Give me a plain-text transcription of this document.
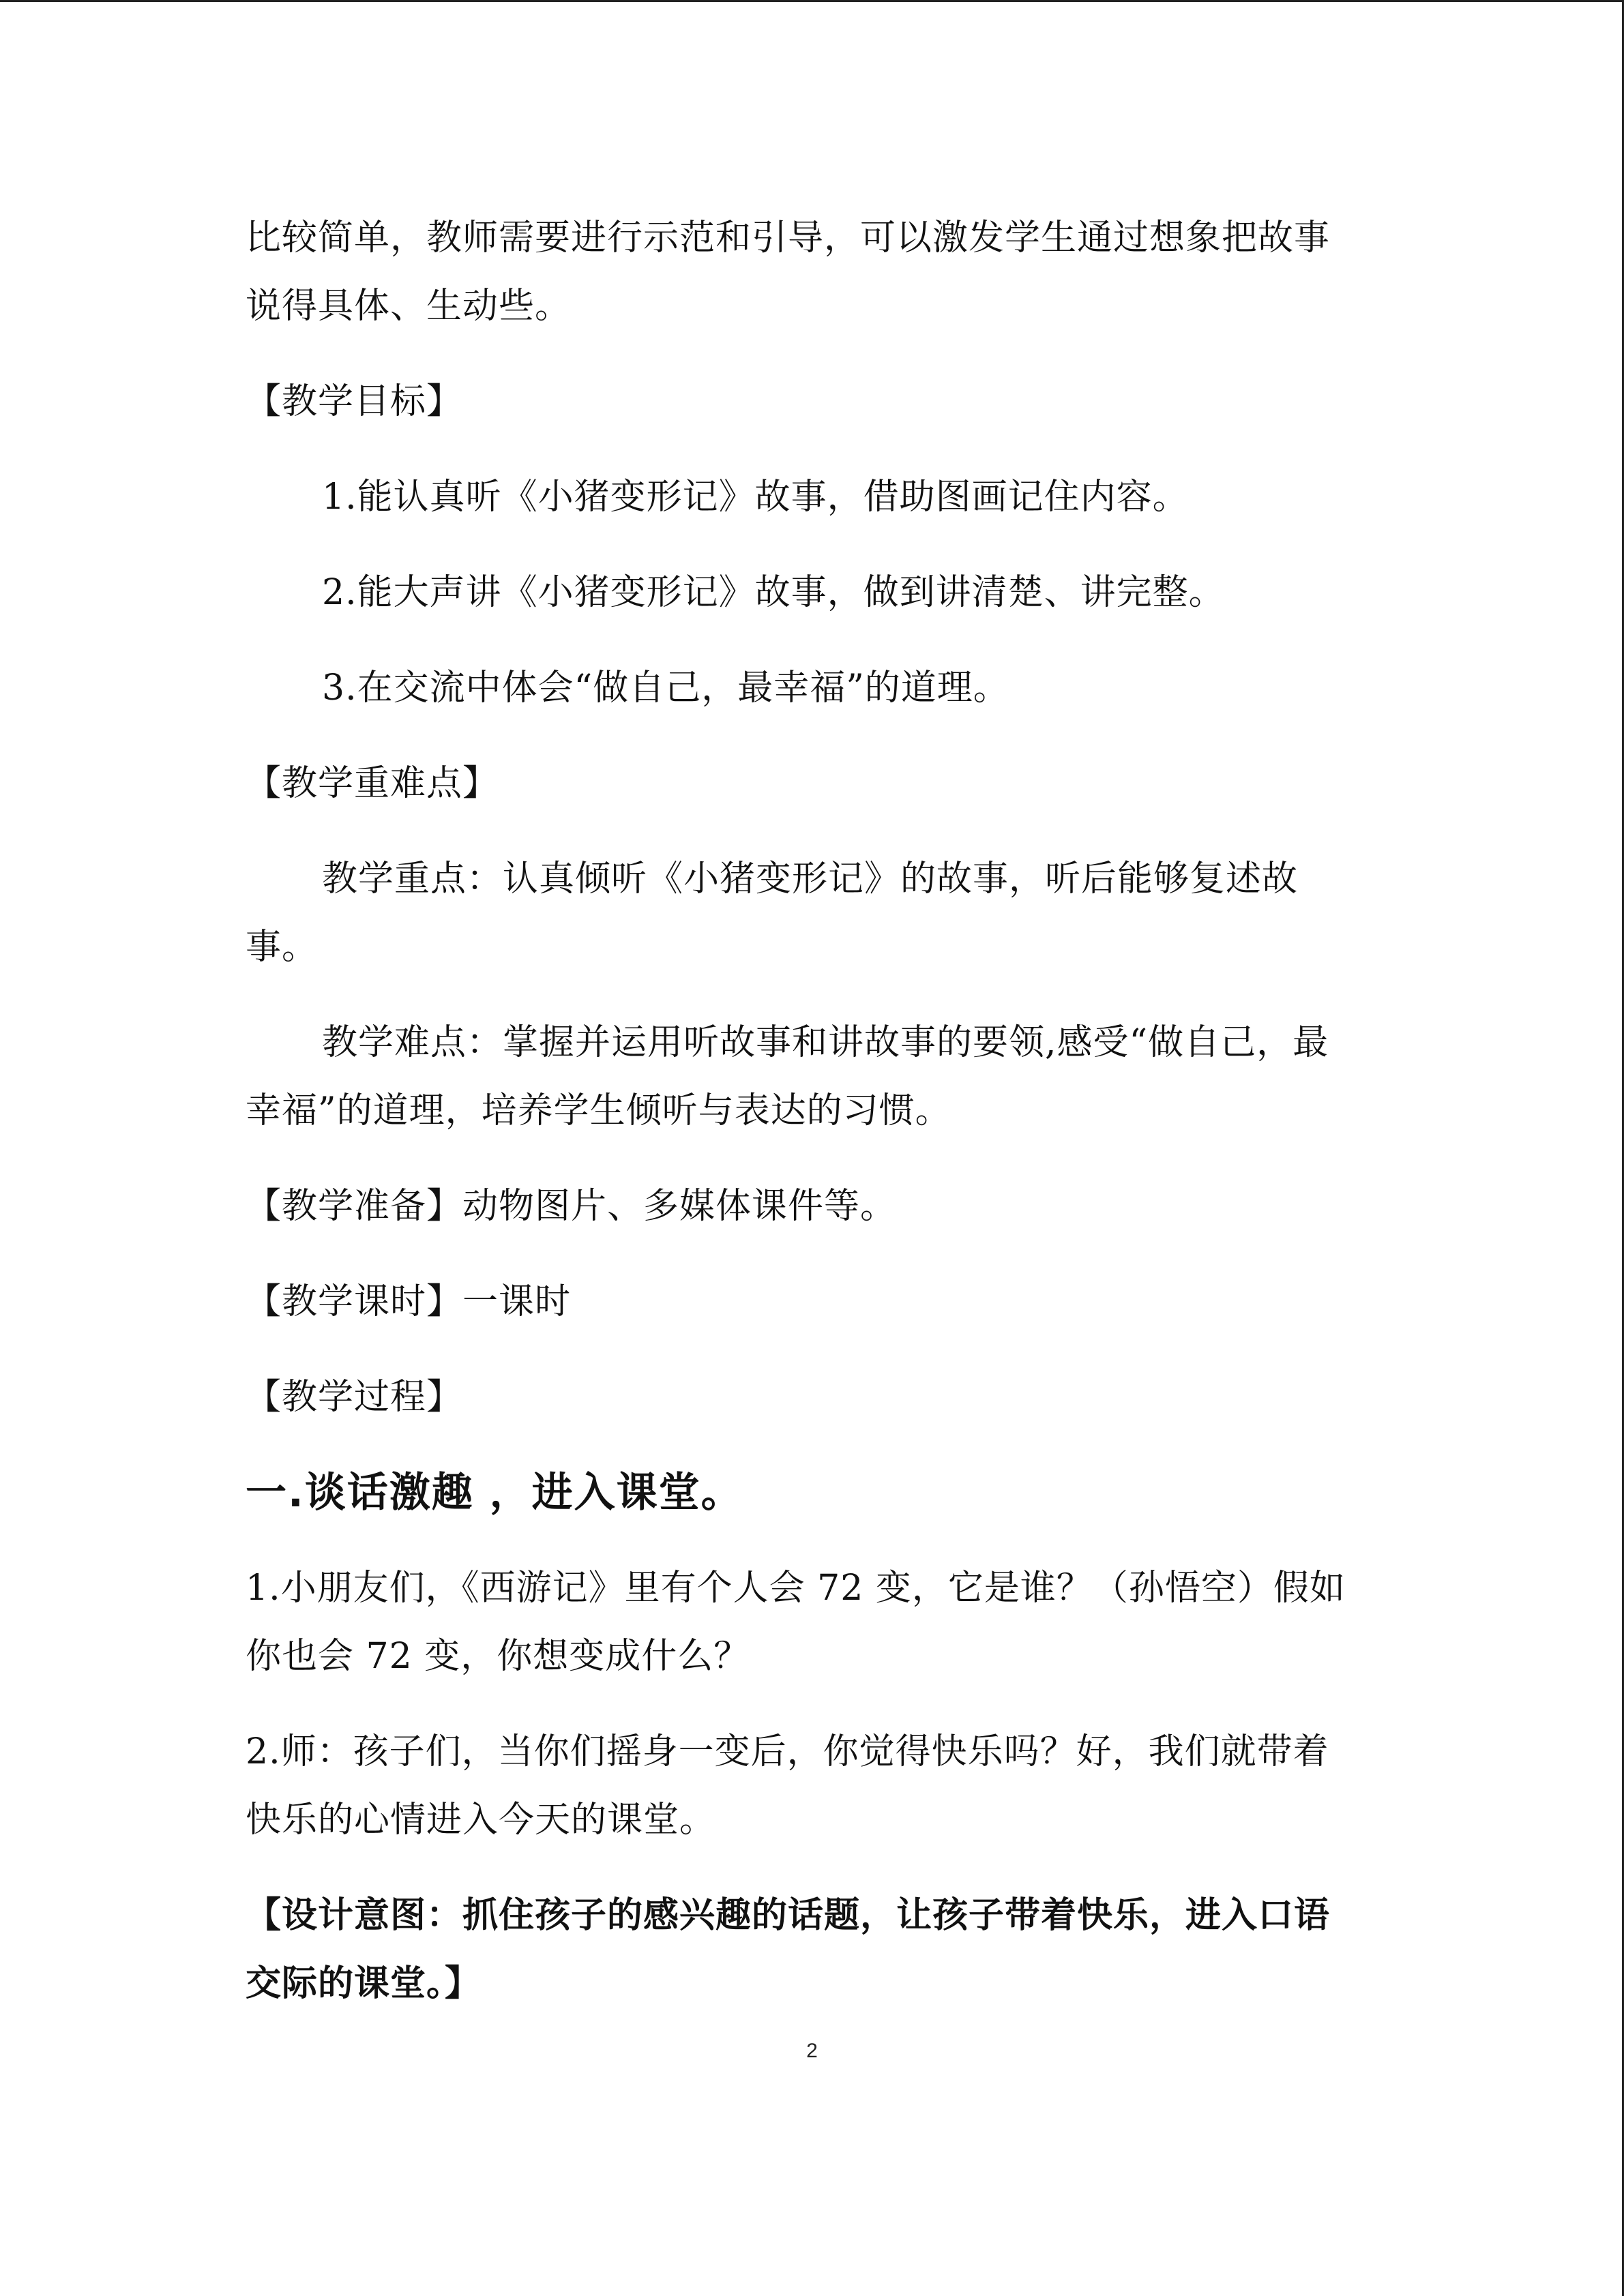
比较简单，教师需要进行示范和引导，可以激发学生通过想象把故事说得具体、生动些。

【教学目标】

1.能认真听《小猪变形记》故事，借助图画记住内容。

2.能大声讲《小猪变形记》故事，做到讲清楚、讲完整。

3.在交流中体会“做自己，最幸福”的道理。

【教学重难点】

教学重点：认真倾听《小猪变形记》的故事，听后能够复述故事。

教学难点：掌握并运用听故事和讲故事的要领,感受“做自己，最幸福”的道理，培养学生倾听与表达的习惯。

【教学准备】动物图片、多媒体课件等。

【教学课时】一课时

【教学过程】

一.谈话激趣 ，进入课堂。

1.小朋友们，《西游记》里有个人会 72 变，它是谁？（孙悟空）假如你也会 72 变，你想变成什么？

2.师：孩子们，当你们摇身一变后，你觉得快乐吗？好，我们就带着快乐的心情进入今天的课堂。

【设计意图：抓住孩子的感兴趣的话题，让孩子带着快乐，进入口语交际的课堂。】

2
